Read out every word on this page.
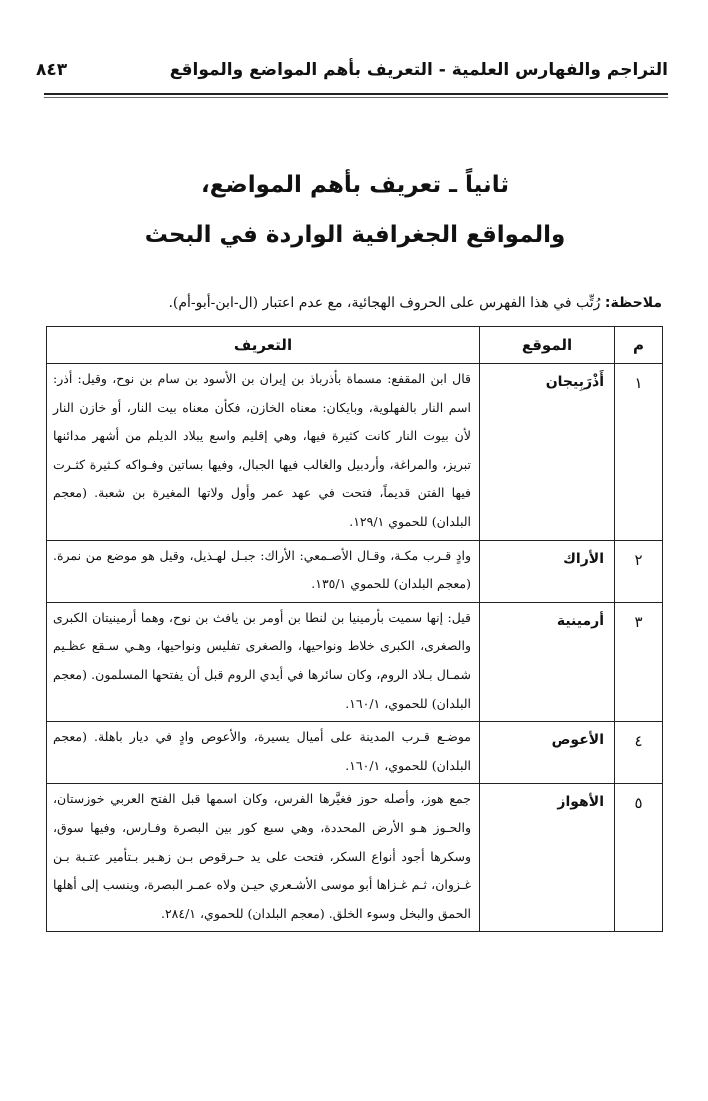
التراجم والفهارس العلمية - التعريف بأهم المواضع والمواقع
٨٤٣
ثانياً ـ تعريف بأهم المواضع،
والمواقع الجغرافية الواردة في البحث
ملاحظة: رُتِّب في هذا الفهرس على الحروف الهجائية، مع عدم اعتبار (ال-ابن-أبو-أم).
م	الموقع	التعريف
١	أَذْرَبِيجان	قال ابن المقفع: مسماة بأذرباذ بن إيران بن الأسود بن سام بن نوح، وقيل: أذر: اسم النار بالفهلوية، وبايكان: معناه الخازن، فكأن معناه بيت النار، أو خازن النار لأن بيوت النار كانت كثيرة فيها، وهي إقليم واسع يبلاد الديلم من أشهر مدائنها تبريز، والمراغة، وأردبيل والغالب فيها الجبال، وفيها بساتين وفـواكه كـثيرة كثـرت فيها الفتن قديماً، فتحت في عهد عمر وأول ولاتها المغيرة بن شعبة. (معجم البلدان) للحموي ١٢٩/١.
٢	الأراك	وادٍ قـرب مكـة، وقـال الأصـمعي: الأراك: جبـل لهـذيل، وقيل هو موضع من نمرة. (معجم البلدان) للحموي ١٣٥/١.
٣	أرمينية	قيل: إنها سميت بأرمينيا بن لنطا بن أومر بن يافث بن نوح، وهما أرمينيتان الكبرى والصغرى، الكبرى خلاط ونواحيها، والصغرى تفليس ونواحيها، وهـي سـقع عظـيم شمـال بـلاد الروم، وكان سائرها في أيدي الروم قبل أن يفتحها المسلمون. (معجم البلدان) للحموي، ١٦٠/١.
٤	الأعوص	موضـع قـرب المدينة على أميال يسيرة، والأعوص وادٍ في ديار باهلة. (معجم البلدان) للحموي، ١٦٠/١.
٥	الأهواز	جمع هوز، وأصله حوز فغيَّرها الفرس، وكان اسمها قبل الفتح العربي خوزستان، والحـوز هـو الأرض المحددة، وهي سبع كور بين البصرة وفـارس، وفيها سوق، وسكرها أجود أنواع السكر، فتحت على يد حـرقوص بـن زهـير بـتأمير عتـبة بـن غـزوان، ثـم غـزاها أبو موسى الأشـعري حيـن ولاه عمـر البصرة، وينسب إلى أهلها الحمق والبخل وسوء الخلق. (معجم البلدان) للحموي، ٢٨٤/١.
